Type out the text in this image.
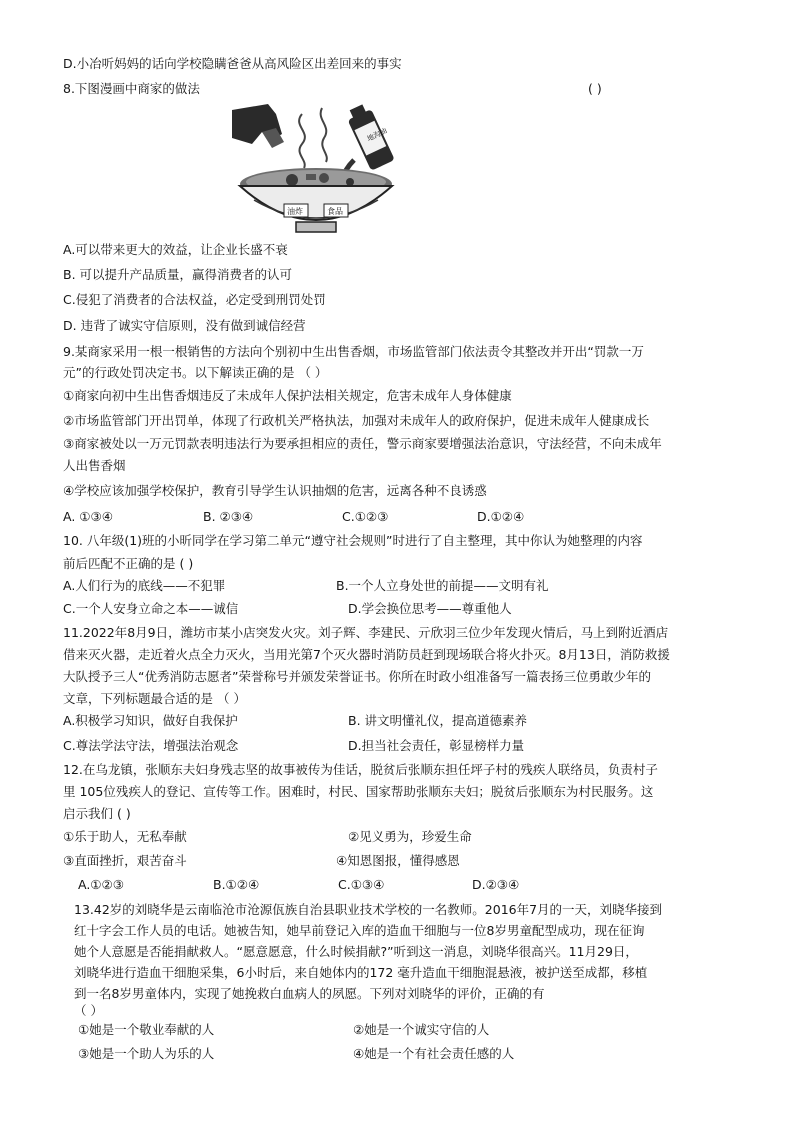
D.小冶听妈妈的话向学校隐瞒爸爸从高风险区出差回来的事实
8.下图漫画中商家的做法	( )
地沟油
油炸	食品
A.可以带来更大的效益，让企业长盛不衰
B. 可以提升产品质量，赢得消费者的认可
C.侵犯了消费者的合法权益，必定受到刑罚处罚
D. 违背了诚实守信原则，没有做到诚信经营
9.某商家采用一根一根销售的方法向个别初中生出售香烟，市场监管部门依法责令其整改并开出“罚款一万
元”的行政处罚决定书。以下解读正确的是 （ ）
①商家向初中生出售香烟违反了未成年人保护法相关规定，危害未成年人身体健康
②市场监管部门开出罚单，体现了行政机关严格执法，加强对未成年人的政府保护，促进未成年人健康成长
③商家被处以一万元罚款表明违法行为要承担相应的责任，警示商家要增强法治意识，守法经营，不向未成年
人出售香烟
④学校应该加强学校保护，教育引导学生认识抽烟的危害，远离各种不良诱惑
A. ①③④	B. ②③④	C.①②③	D.①②④
10. 八年级(1)班的小昕同学在学习第二单元“遵守社会规则”时进行了自主整理，其中你认为她整理的内容
前后匹配不正确的是 ( )
A.人们行为的底线——不犯罪	B.一个人立身处世的前提——文明有礼
C.一个人安身立命之本——诚信	D.学会换位思考——尊重他人
11.2022年8月9日，潍坊市某小店突发火灾。刘子辉、李建民、亓欣羽三位少年发现火情后，马上到附近酒店
借来灭火器，走近着火点全力灭火，当用光第7个灭火器时消防员赶到现场联合将火扑灭。8月13日，消防救援
大队授予三人“优秀消防志愿者”荣誉称号并颁发荣誉证书。你所在时政小组准备写一篇表扬三位勇敢少年的
文章，下列标题最合适的是 （ ）
A.积极学习知识，做好自我保护	B. 讲文明懂礼仪，提高道德素养
C.尊法学法守法，增强法治观念	D.担当社会责任，彰显榜样力量
12.在乌龙镇，张顺东夫妇身残志坚的故事被传为佳话，脱贫后张顺东担任坪子村的残疾人联络员，负责村子
里 105位残疾人的登记、宣传等工作。困难时，村民、国家帮助张顺东夫妇；脱贫后张顺东为村民服务。这
启示我们 ( )
①乐于助人，无私奉献	②见义勇为，珍爱生命
③直面挫折，艰苦奋斗	④知恩图报，懂得感恩
A.①②③	B.①②④	C.①③④	D.②③④
13.42岁的刘晓华是云南临沧市沧源佤族自治县职业技术学校的一名教师。2016年7月的一天，刘晓华接到
红十字会工作人员的电话。她被告知，她早前登记入库的造血干细胞与一位8岁男童配型成功，现在征询
她个人意愿是否能捐献救人。“愿意愿意，什么时候捐献?”听到这一消息，刘晓华很高兴。11月29日，
刘晓华进行造血干细胞采集，6小时后，来自她体内的172 毫升造血干细胞混悬液，被护送至成都，移植
到一名8岁男童体内，实现了她挽救白血病人的夙愿。下列对刘晓华的评价，正确的有
（ ）
①她是一个敬业奉献的人	②她是一个诚实守信的人
③她是一个助人为乐的人	④她是一个有社会责任感的人
